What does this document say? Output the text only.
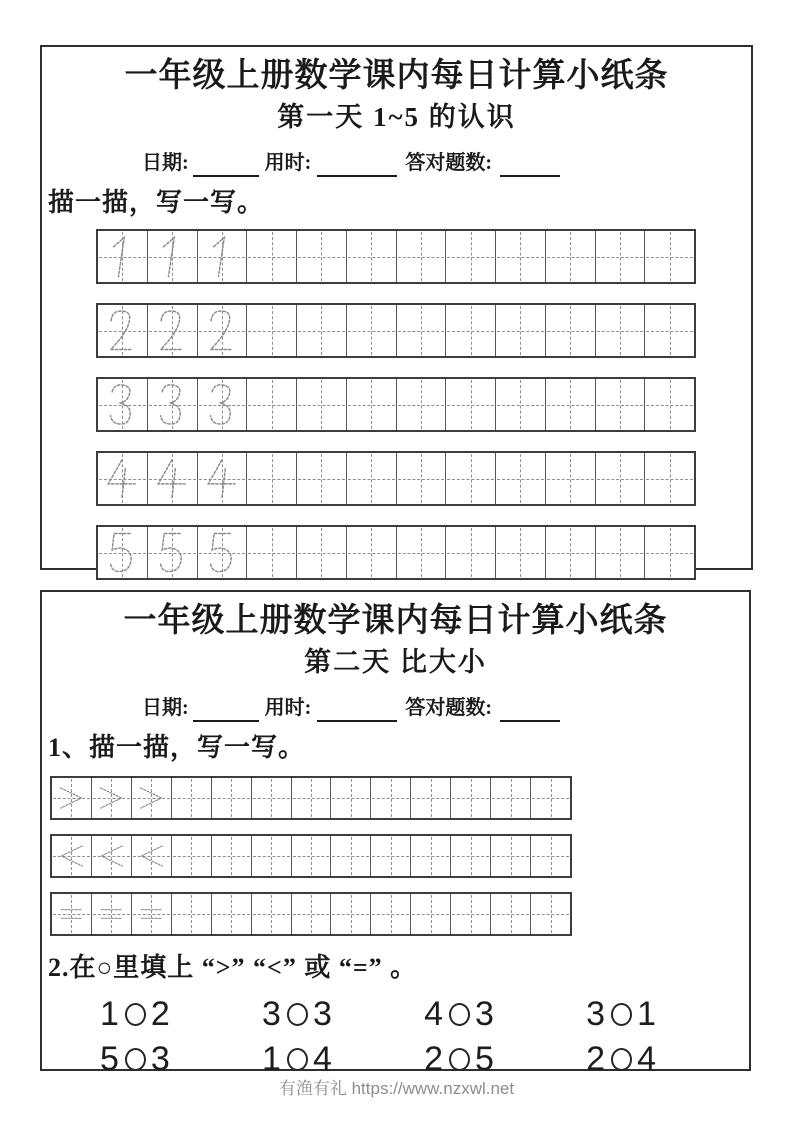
一年级上册数学课内每日计算小纸条
第一天 1~5 的认识
日期:	用时:	答对题数:
描一描，写一写。
一年级上册数学课内每日计算小纸条
第二天 比大小
日期:	用时:	答对题数:
1、描一描，写一写。
2.在○里填上 “>” “<” 或 “=” 。
1 2	3 3	4 3	3 1
5 3	1 4	2 5	2 4
有渔有礼 https://www.nzxwl.net
